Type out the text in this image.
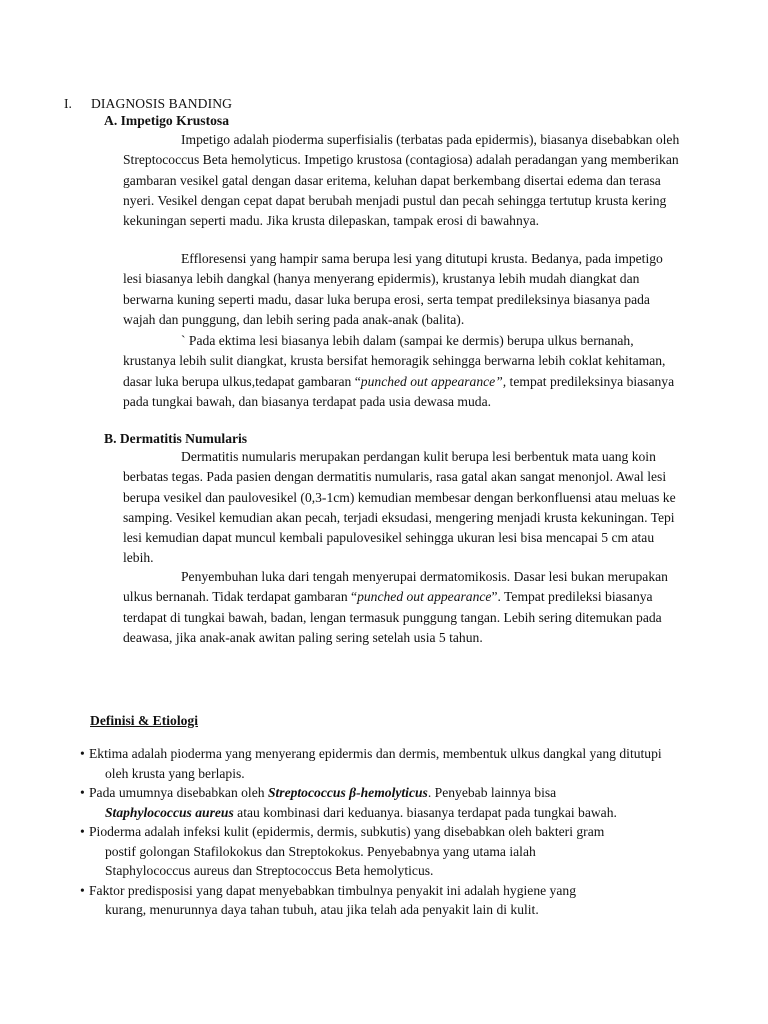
I. DIAGNOSIS BANDING
A. Impetigo Krustosa

Impetigo adalah pioderma superfisialis (terbatas pada epidermis), biasanya disebabkan oleh Streptococcus Beta hemolyticus. Impetigo krustosa (contagiosa) adalah peradangan yang memberikan gambaran vesikel gatal dengan dasar eritema, keluhan dapat berkembang disertai edema dan terasa nyeri. Vesikel dengan cepat dapat berubah menjadi pustul dan pecah sehingga tertutup krusta kering kekuningan seperti madu. Jika krusta dilepaskan, tampak erosi di bawahnya.

Effloresensi yang hampir sama berupa lesi yang ditutupi krusta. Bedanya, pada impetigo lesi biasanya lebih dangkal (hanya menyerang epidermis), krustanya lebih mudah diangkat dan berwarna kuning seperti madu, dasar luka berupa erosi, serta tempat predileksinya biasanya pada wajah dan punggung, dan lebih sering pada anak-anak (balita).

` Pada ektima lesi biasanya lebih dalam (sampai ke dermis) berupa ulkus bernanah, krustanya lebih sulit diangkat, krusta bersifat hemoragik sehingga berwarna lebih coklat kehitaman, dasar luka berupa ulkus,tedapat gambaran “punched out appearance”, tempat predileksinya biasanya pada tungkai bawah, dan biasanya terdapat pada usia dewasa muda.

B. Dermatitis Numularis

Dermatitis numularis merupakan perdangan kulit berupa lesi berbentuk mata uang koin berbatas tegas. Pada pasien dengan dermatitis numularis, rasa gatal akan sangat menonjol. Awal lesi berupa vesikel dan paulovesikel (0,3-1cm) kemudian membesar dengan berkonfluensi atau meluas ke samping. Vesikel kemudian akan pecah, terjadi eksudasi, mengering menjadi krusta kekuningan. Tepi lesi kemudian dapat muncul kembali papulovesikel sehingga ukuran lesi bisa mencapai 5 cm atau lebih.

Penyembuhan luka dari tengah menyerupai dermatomikosis. Dasar lesi bukan merupakan ulkus bernanah. Tidak terdapat gambaran “punched out appearance”. Tempat predileksi biasanya terdapat di tungkai bawah, badan, lengan termasuk punggung tangan. Lebih sering ditemukan pada deawasa, jika anak-anak awitan paling sering setelah usia 5 tahun.

Definisi & Etiologi
• Ektima adalah pioderma yang menyerang epidermis dan dermis, membentuk ulkus dangkal yang ditutupi
oleh krusta yang berlapis.
• Pada umumnya disebabkan oleh Streptococcus β-hemolyticus. Penyebab lainnya bisa
Staphylococcus aureus atau kombinasi dari keduanya. biasanya terdapat pada tungkai bawah.
• Pioderma adalah infeksi kulit (epidermis, dermis, subkutis) yang disebabkan oleh bakteri gram
postif golongan Stafilokokus dan Streptokokus. Penyebabnya yang utama ialah
Staphylococcus aureus dan Streptococcus Beta hemolyticus.
• Faktor predisposisi yang dapat menyebabkan timbulnya penyakit ini adalah hygiene yang
kurang, menurunnya daya tahan tubuh, atau jika telah ada penyakit lain di kulit.
